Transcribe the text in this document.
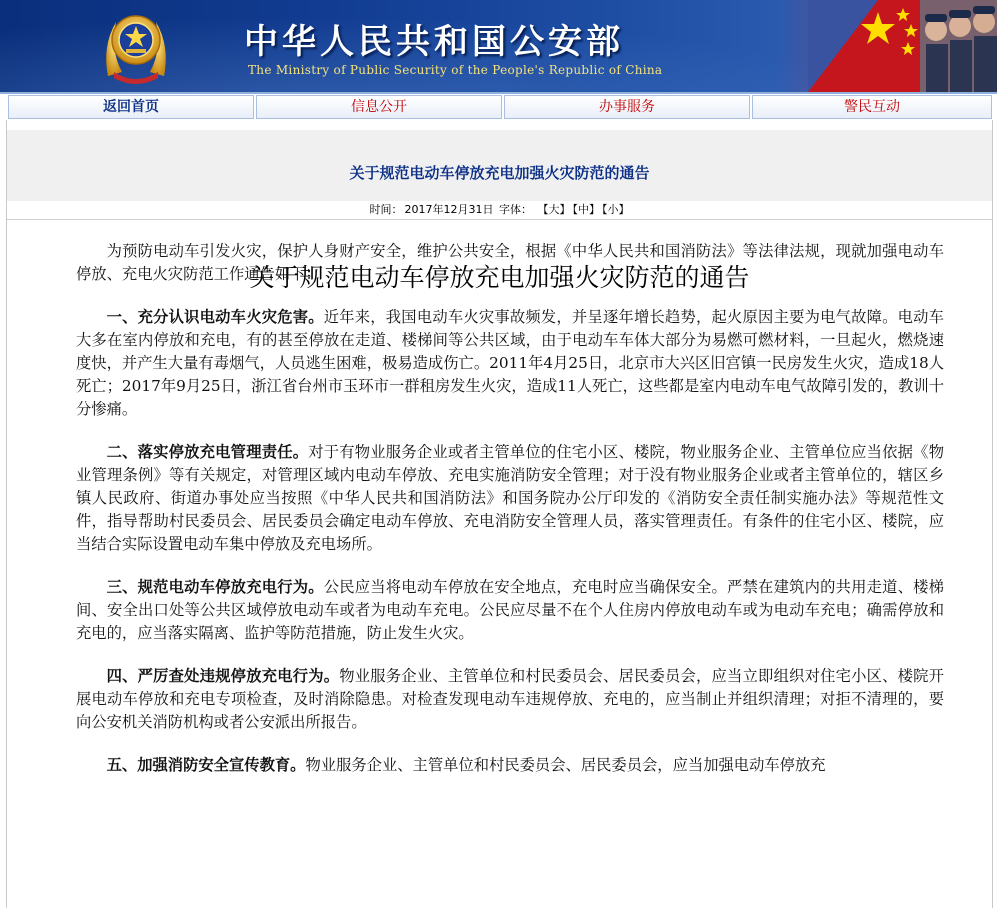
中华人民共和国公安部
The Ministry of Public Security of the People's Republic of China
返回首页	信息公开	办事服务	警民互动
关于规范电动车停放充电加强火灾防范的通告
时间： 2017年12月31日 字体： 【大】 【中】 【小】
关于规范电动车停放充电加强火灾防范的通告

为预防电动车引发火灾，保护人身财产安全，维护公共安全，根据《中华人民共和国消防法》等法律法规，现就加强电动车停放、充电火灾防范工作通告如下：

一、充分认识电动车火灾危害。近年来，我国电动车火灾事故频发，并呈逐年增长趋势，起火原因主要为电气故障。电动车大多在室内停放和充电，有的甚至停放在走道、楼梯间等公共区域，由于电动车车体大部分为易燃可燃材料，一旦起火，燃烧速度快，并产生大量有毒烟气，人员逃生困难，极易造成伤亡。2011年4月25日，北京市大兴区旧宫镇一民房发生火灾，造成18人死亡；2017年9月25日，浙江省台州市玉环市一群租房发生火灾，造成11人死亡，这些都是室内电动车电气故障引发的，教训十分惨痛。

二、落实停放充电管理责任。对于有物业服务企业或者主管单位的住宅小区、楼院，物业服务企业、主管单位应当依据《物业管理条例》等有关规定，对管理区域内电动车停放、充电实施消防安全管理；对于没有物业服务企业或者主管单位的，辖区乡镇人民政府、街道办事处应当按照《中华人民共和国消防法》和国务院办公厅印发的《消防安全责任制实施办法》等规范性文件，指导帮助村民委员会、居民委员会确定电动车停放、充电消防安全管理人员，落实管理责任。有条件的住宅小区、楼院，应当结合实际设置电动车集中停放及充电场所。

三、规范电动车停放充电行为。公民应当将电动车停放在安全地点，充电时应当确保安全。严禁在建筑内的共用走道、楼梯间、安全出口处等公共区域停放电动车或者为电动车充电。公民应尽量不在个人住房内停放电动车或为电动车充电；确需停放和充电的，应当落实隔离、监护等防范措施，防止发生火灾。

四、严厉查处违规停放充电行为。物业服务企业、主管单位和村民委员会、居民委员会，应当立即组织对住宅小区、楼院开展电动车停放和充电专项检查，及时消除隐患。对检查发现电动车违规停放、充电的，应当制止并组织清理；对拒不清理的，要向公安机关消防机构或者公安派出所报告。

五、加强消防安全宣传教育。物业服务企业、主管单位和村民委员会、居民委员会，应当加强电动车停放充
